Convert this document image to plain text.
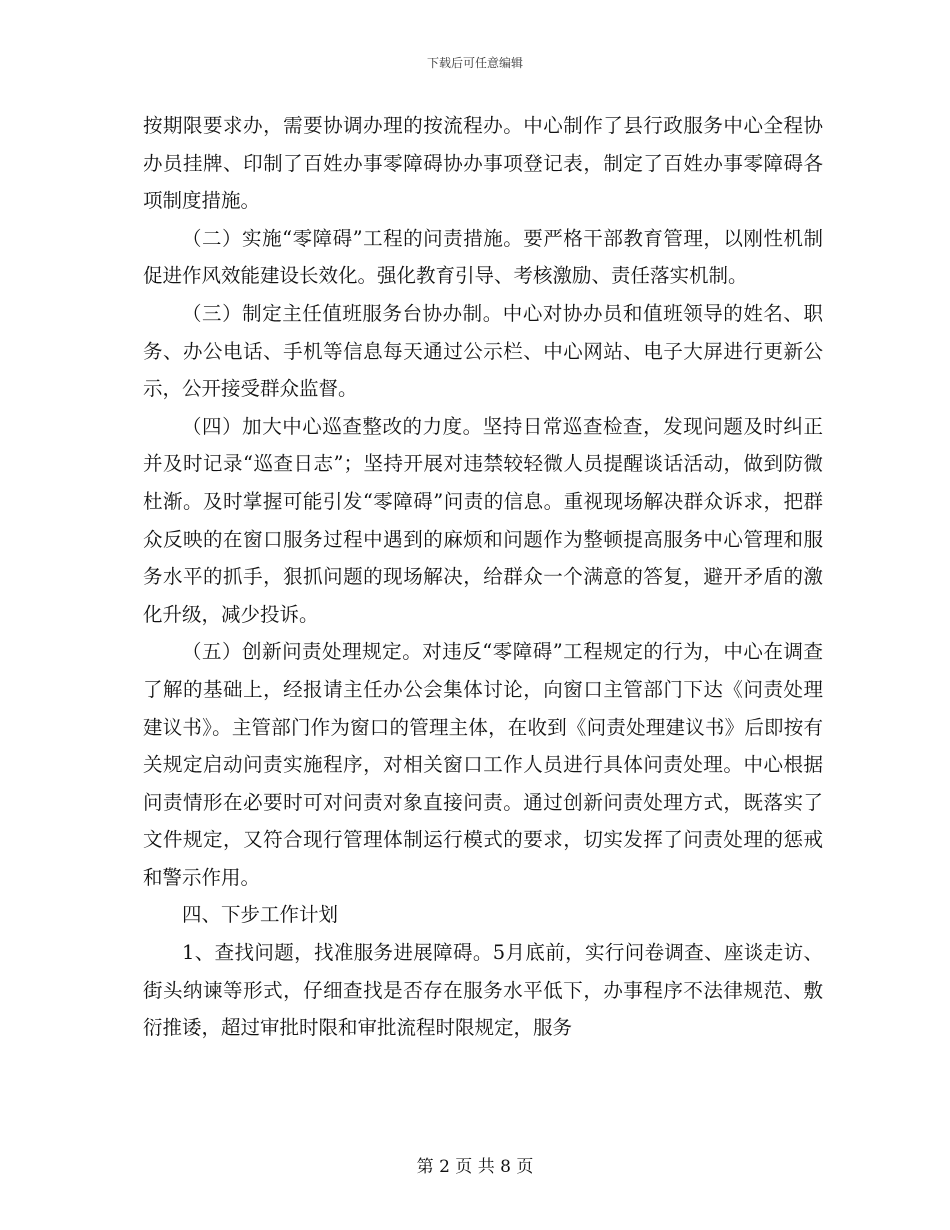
下载后可任意编辑

按期限要求办，需要协调办理的按流程办。中心制作了县行政服务中心全程协办员挂牌、印制了百姓办事零障碍协办事项登记表，制定了百姓办事零障碍各项制度措施。

（二）实施“零障碍”工程的问责措施。要严格干部教育管理，以刚性机制促进作风效能建设长效化。强化教育引导、考核激励、责任落实机制。

（三）制定主任值班服务台协办制。中心对协办员和值班领导的姓名、职务、办公电话、手机等信息每天通过公示栏、中心网站、电子大屏进行更新公示，公开接受群众监督。

（四）加大中心巡查整改的力度。坚持日常巡查检查，发现问题及时纠正并及时记录“巡查日志”；坚持开展对违禁较轻微人员提醒谈话活动，做到防微杜渐。及时掌握可能引发“零障碍”问责的信息。重视现场解决群众诉求，把群众反映的在窗口服务过程中遇到的麻烦和问题作为整顿提高服务中心管理和服务水平的抓手，狠抓问题的现场解决，给群众一个满意的答复，避开矛盾的激化升级，减少投诉。

（五）创新问责处理规定。对违反“零障碍”工程规定的行为，中心在调查了解的基础上，经报请主任办公会集体讨论，向窗口主管部门下达《问责处理建议书》。主管部门作为窗口的管理主体，在收到《问责处理建议书》后即按有关规定启动问责实施程序，对相关窗口工作人员进行具体问责处理。中心根据问责情形在必要时可对问责对象直接问责。通过创新问责处理方式，既落实了文件规定，又符合现行管理体制运行模式的要求，切实发挥了问责处理的惩戒和警示作用。

四、下步工作计划

1、查找问题，找准服务进展障碍。5月底前，实行问卷调查、座谈走访、街头纳谏等形式，仔细查找是否存在服务水平低下，办事程序不法律规范、敷衍推诿，超过审批时限和审批流程时限规定，服务

第 2 页 共 8 页
